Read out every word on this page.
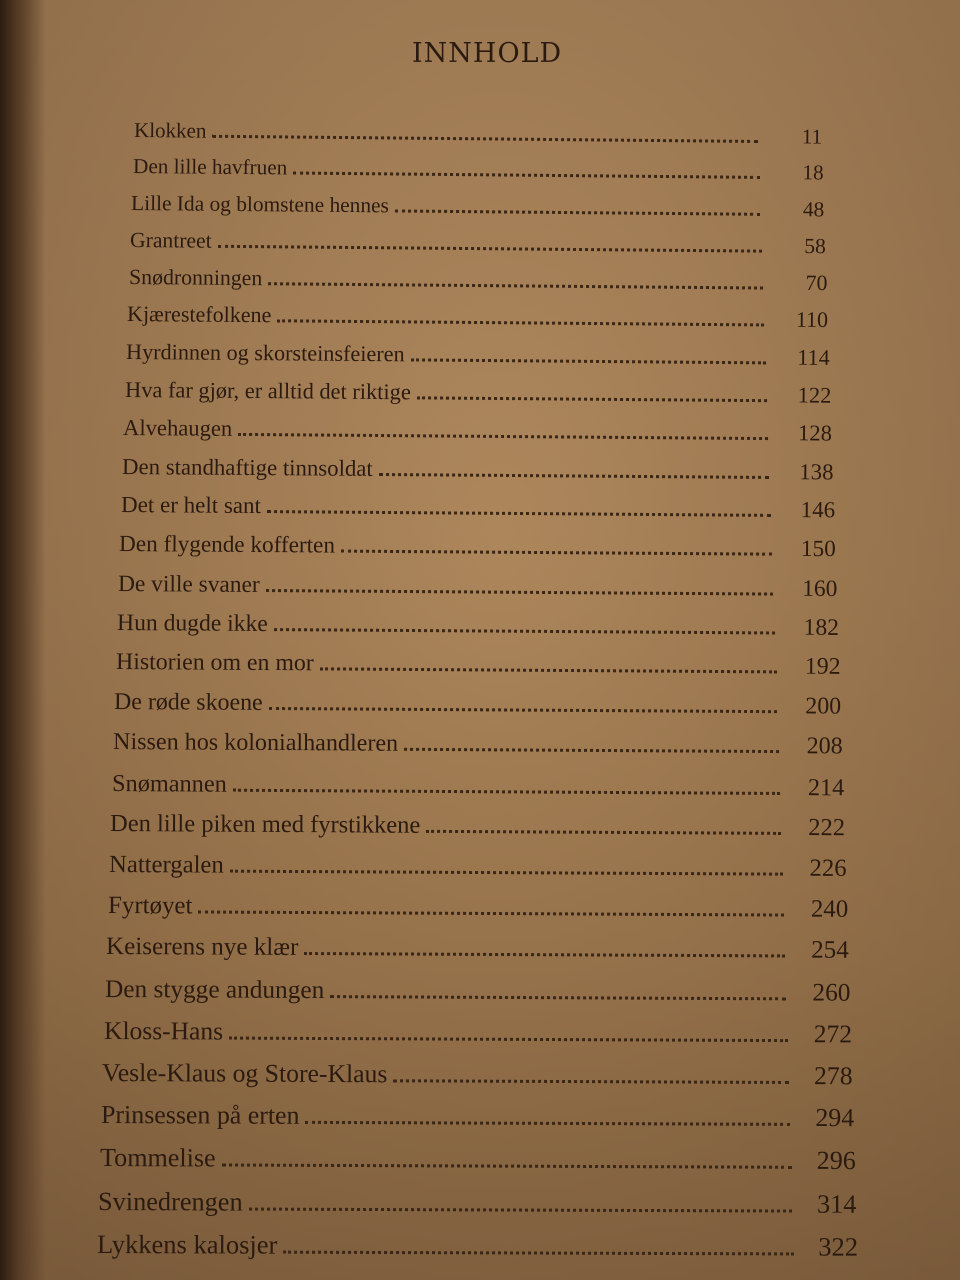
INNHOLD
Klokken	11
Den lille havfruen	18
Lille Ida og blomstene hennes	48
Grantreet	58
Snødronningen	70
Kjærestefolkene	110
Hyrdinnen og skorsteinsfeieren	114
Hva far gjør, er alltid det riktige	122
Alvehaugen	128
Den standhaftige tinnsoldat	138
Det er helt sant	146
Den flygende kofferten	150
De ville svaner	160
Hun dugde ikke	182
Historien om en mor	192
De røde skoene	200
Nissen hos kolonialhandleren	208
Snømannen	214
Den lille piken med fyrstikkene	222
Nattergalen	226
Fyrtøyet	240
Keiserens nye klær	254
Den stygge andungen	260
Kloss-Hans	272
Vesle-Klaus og Store-Klaus	278
Prinsessen på erten	294
Tommelise	296
Svinedrengen	314
Lykkens kalosjer	322
